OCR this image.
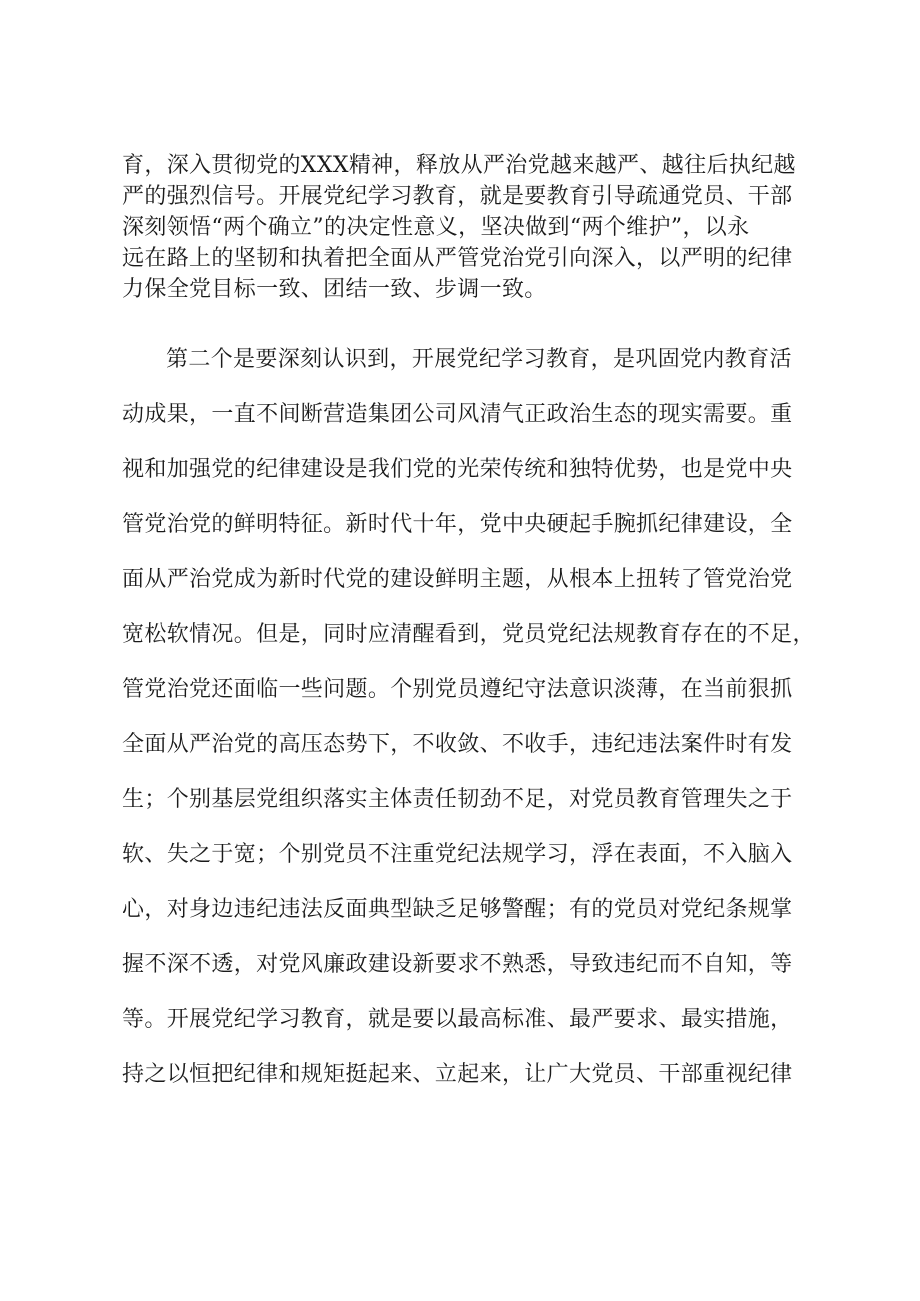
育，深入贯彻党的XXX精神，释放从严治党越来越严、越往后执纪越
严的强烈信号。开展党纪学习教育，就是要教育引导疏通党员、干部
深刻领悟“两个确立”的决定性意义，坚决做到“两个维护”，以永
远在路上的坚韧和执着把全面从严管党治党引向深入，以严明的纪律
力保全党目标一致、团结一致、步调一致。
第二个是要深刻认识到，开展党纪学习教育，是巩固党内教育活
动成果，一直不间断营造集团公司风清气正政治生态的现实需要。重
视和加强党的纪律建设是我们党的光荣传统和独特优势，也是党中央
管党治党的鲜明特征。新时代十年，党中央硬起手腕抓纪律建设，全
面从严治党成为新时代党的建设鲜明主题，从根本上扭转了管党治党
宽松软情况。但是，同时应清醒看到，党员党纪法规教育存在的不足，
管党治党还面临一些问题。个别党员遵纪守法意识淡薄，在当前狠抓
全面从严治党的高压态势下，不收敛、不收手，违纪违法案件时有发
生；个别基层党组织落实主体责任韧劲不足，对党员教育管理失之于
软、失之于宽；个别党员不注重党纪法规学习，浮在表面，不入脑入
心，对身边违纪违法反面典型缺乏足够警醒；有的党员对党纪条规掌
握不深不透，对党风廉政建设新要求不熟悉，导致违纪而不自知，等
等。开展党纪学习教育，就是要以最高标准、最严要求、最实措施，
持之以恒把纪律和规矩挺起来、立起来，让广大党员、干部重视纪律
